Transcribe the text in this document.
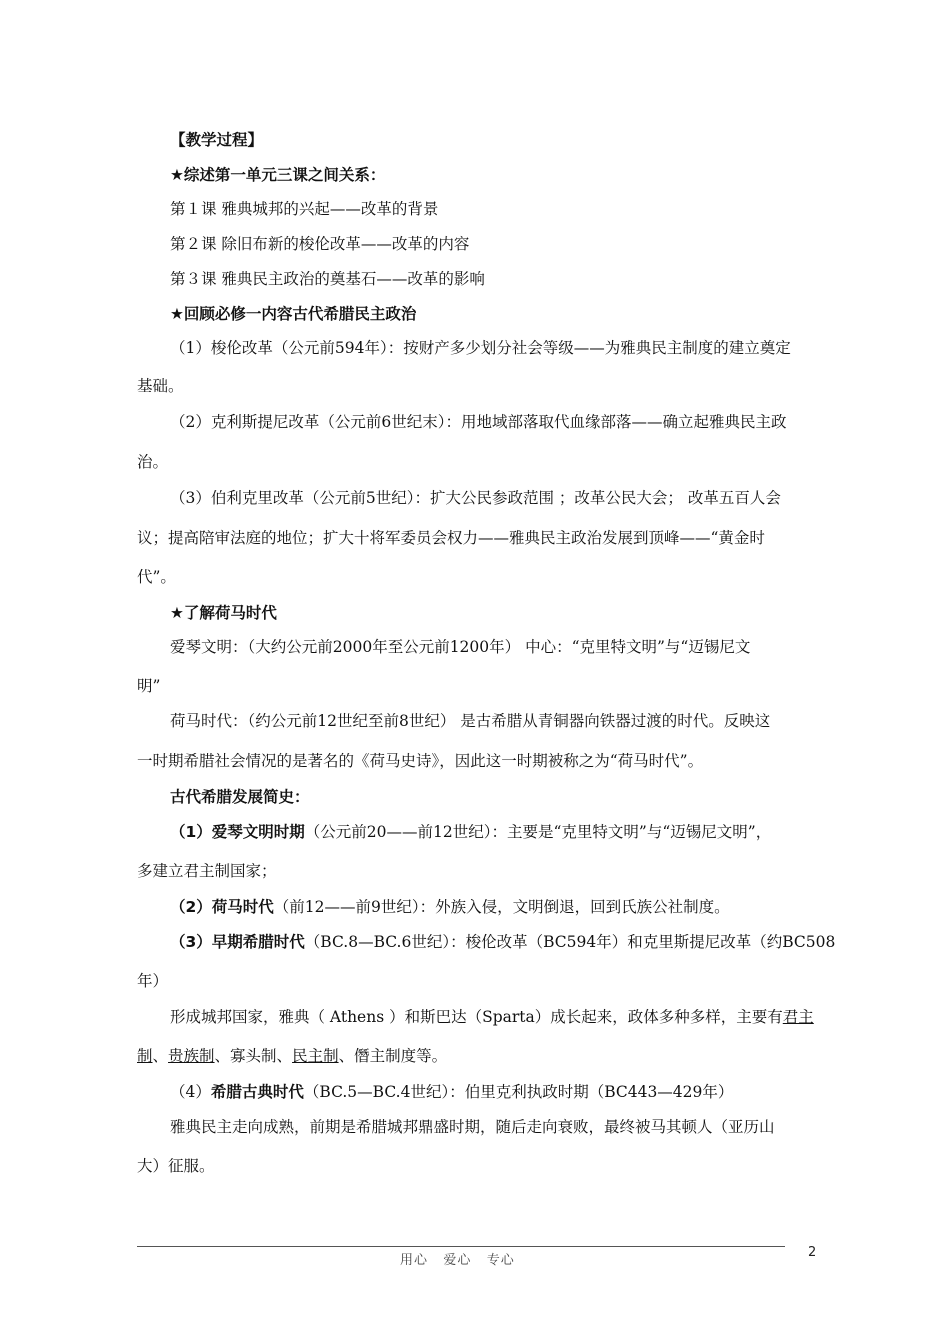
【教学过程】
★综述第一单元三课之间关系：
第１课 雅典城邦的兴起——改革的背景
第２课 除旧布新的梭伦改革——改革的内容
第３课 雅典民主政治的奠基石——改革的影响
★回顾必修一内容古代希腊民主政治
（1）梭伦改革（公元前594年）：按财产多少划分社会等级——为雅典民主制度的建立奠定
基础。
（2）克利斯提尼改革（公元前6世纪末）：用地域部落取代血缘部落——确立起雅典民主政
治。
（3）伯利克里改革（公元前5世纪）：扩大公民参政范围 ；改革公民大会； 改革五百人会
议；提高陪审法庭的地位；扩大十将军委员会权力——雅典民主政治发展到顶峰——“黄金时
代”。
★了解荷马时代
爱琴文明：（大约公元前2000年至公元前1200年） 中心：“克里特文明”与“迈锡尼文
明”
荷马时代：（约公元前12世纪至前8世纪） 是古希腊从青铜器向铁器过渡的时代。反映这
一时期希腊社会情况的是著名的《荷马史诗》，因此这一时期被称之为“荷马时代”。
古代希腊发展简史：
（1）爱琴文明时期（公元前20——前12世纪）：主要是“克里特文明”与“迈锡尼文明”，
多建立君主制国家；
（2）荷马时代（前12——前9世纪）：外族入侵，文明倒退，回到氏族公社制度。
（3）早期希腊时代（BC.8—BC.6世纪）：梭伦改革（BC594年）和克里斯提尼改革（约BC508
年）
形成城邦国家，雅典（ Athens ）和斯巴达（Sparta）成长起来，政体多种多样，主要有君主
制、贵族制、寡头制、民主制、僭主制度等。
（4）希腊古典时代（BC.5—BC.4世纪）：伯里克利执政时期（BC443—429年）
雅典民主走向成熟，前期是希腊城邦鼎盛时期，随后走向衰败，最终被马其顿人（亚历山
大）征服。
用心   爱心   专心
2
